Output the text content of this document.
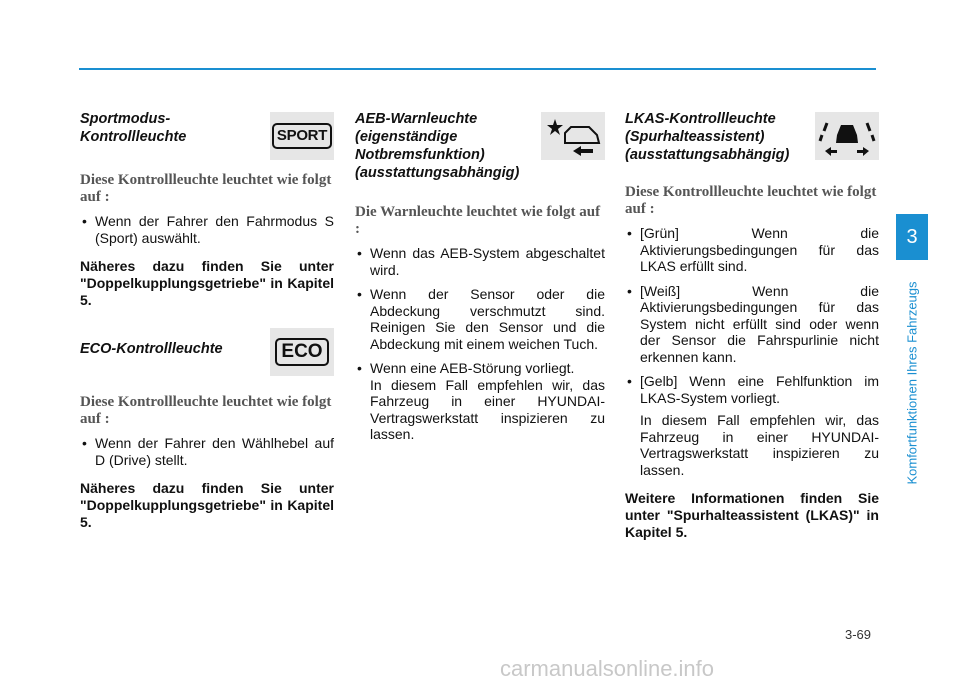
Sportmodus-
Kontrollleuchte	SPORT

Diese Kontrollleuchte leuchtet wie folgt auf :

• Wenn der Fahrer den Fahrmodus S (Sport) auswählt.

Näheres dazu finden Sie unter "Doppelkupplungsgetriebe" in Kapitel 5.

ECO-Kontrollleuchte	ECO

Diese Kontrollleuchte leuchtet wie folgt auf :

• Wenn der Fahrer den Wählhebel auf D (Drive) stellt.

Näheres dazu finden Sie unter "Doppelkupplungsgetriebe" in Kapitel 5.

AEB-Warnleuchte
(eigenständige
Notbremsfunktion)
(ausstattungsabhängig)

Die Warnleuchte leuchtet wie folgt auf :

• Wenn das AEB-System abgeschaltet wird.

• Wenn der Sensor oder die Abdeckung verschmutzt sind. Reinigen Sie den Sensor und die Abdeckung mit einem weichen Tuch.

• Wenn eine AEB-Störung vorliegt.

In diesem Fall empfehlen wir, das Fahrzeug in einer HYUNDAI-Vertragswerkstatt inspizieren zu lassen.

LKAS-Kontrollleuchte
(Spurhalteassistent)
(ausstattungsabhängig)

Diese Kontrollleuchte leuchtet wie folgt auf :

• [Grün] Wenn die Aktivierungsbedingungen für das LKAS erfüllt sind.

• [Weiß] Wenn die Aktivierungsbedingungen für das System nicht erfüllt sind oder wenn der Sensor die Fahrspurlinie nicht erkennen kann.

• [Gelb] Wenn eine Fehlfunktion im LKAS-System vorliegt.

In diesem Fall empfehlen wir, das Fahrzeug in einer HYUNDAI-Vertragswerkstatt inspizieren zu lassen.

Weitere Informationen finden Sie unter "Spurhalteassistent (LKAS)" in Kapitel 5.

3
Komfortfunktionen Ihres Fahrzeugs
3-69
carmanualsonline.info
